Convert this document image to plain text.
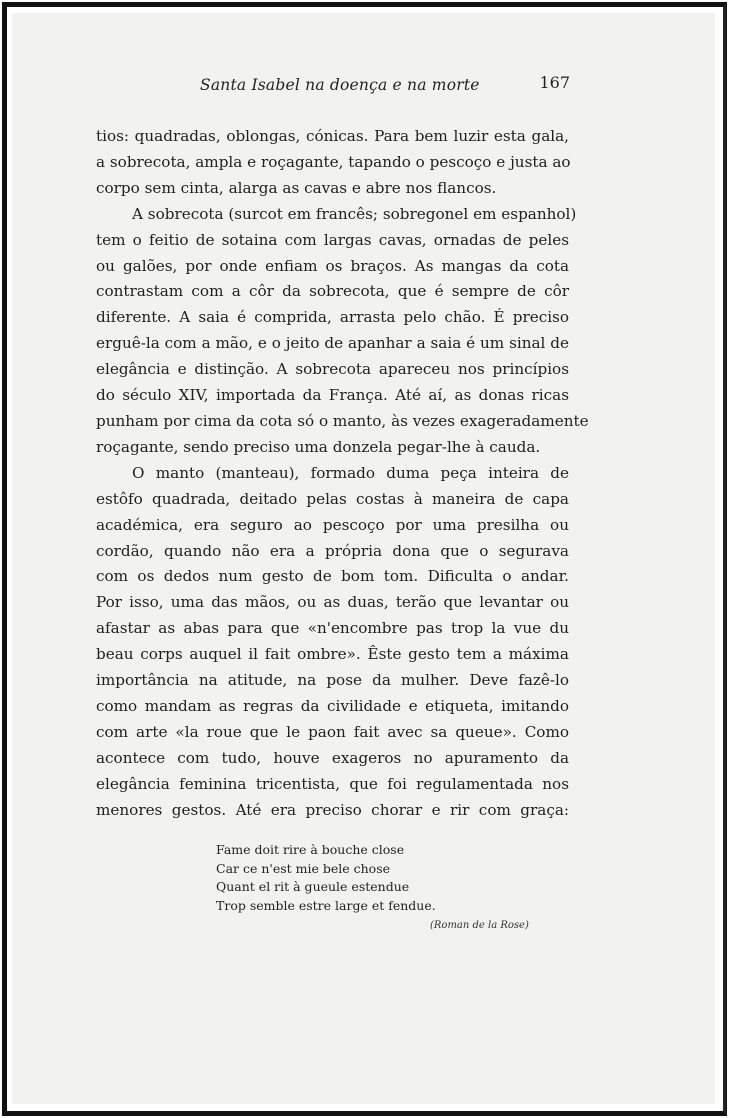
Santa Isabel na doença e na morte	167
tios: quadradas, oblongas, cónicas. Para bem luzir esta gala,
a sobrecota, ampla e roçagante, tapando o pescoço e justa ao
corpo sem cinta, alarga as cavas e abre nos flancos.
A sobrecota (surcot em francês; sobregonel em espanhol)
tem o feitio de sotaina com largas cavas, ornadas de peles
ou galões, por onde enfiam os braços. As mangas da cota
contrastam com a côr da sobrecota, que é sempre de côr
diferente. A saia é comprida, arrasta pelo chão. É preciso
erguê-la com a mão, e o jeito de apanhar a saia é um sinal de
elegância e distinção. A sobrecota apareceu nos princípios
do século XIV, importada da França. Até aí, as donas ricas
punham por cima da cota só o manto, às vezes exageradamente
roçagante, sendo preciso uma donzela pegar-lhe à cauda.
O manto (manteau), formado duma peça inteira de
estôfo quadrada, deitado pelas costas à maneira de capa
académica, era seguro ao pescoço por uma presilha ou
cordão, quando não era a própria dona que o segurava
com os dedos num gesto de bom tom. Dificulta o andar.
Por isso, uma das mãos, ou as duas, terão que levantar ou
afastar as abas para que «n'encombre pas trop la vue du
beau corps auquel il fait ombre». Êste gesto tem a máxima
importância na atitude, na pose da mulher. Deve fazê-lo
como mandam as regras da civilidade e etiqueta, imitando
com arte «la roue que le paon fait avec sa queue». Como
acontece com tudo, houve exageros no apuramento da
elegância feminina tricentista, que foi regulamentada nos
menores gestos. Até era preciso chorar e rir com graça:
Fame doit rire à bouche close
Car ce n'est mie bele chose
Quant el rit à gueule estendue
Trop semble estre large et fendue.
(Roman de la Rose)
